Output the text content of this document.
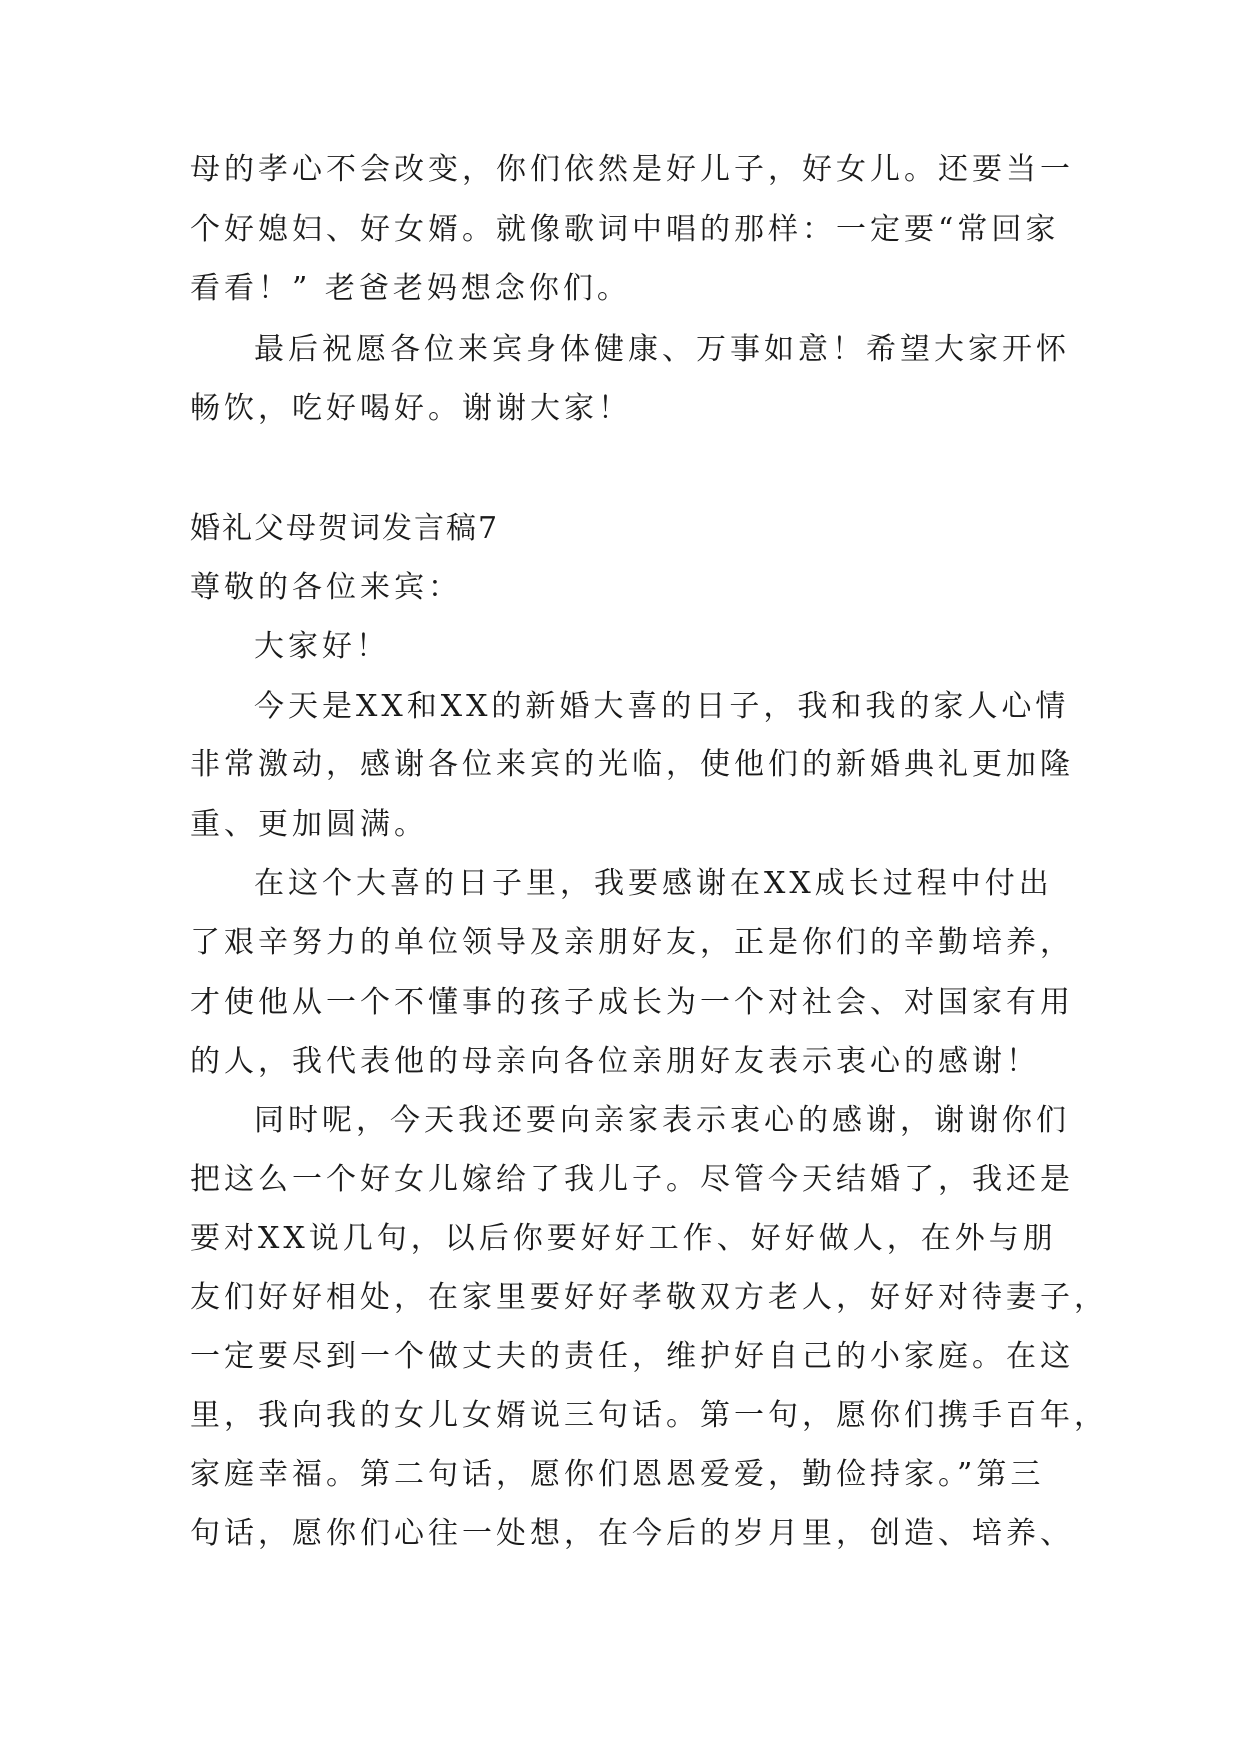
母的孝心不会改变，你们依然是好儿子，好女儿。还要当一
个好媳妇、好女婿。就像歌词中唱的那样：一定要“常回家
看看！” 老爸老妈想念你们。
最后祝愿各位来宾身体健康、万事如意！希望大家开怀
畅饮，吃好喝好。谢谢大家！
婚礼父母贺词发言稿7
尊敬的各位来宾：
大家好！
今天是XX和XX的新婚大喜的日子，我和我的家人心情
非常激动，感谢各位来宾的光临，使他们的新婚典礼更加隆
重、更加圆满。
在这个大喜的日子里，我要感谢在XX成长过程中付出
了艰辛努力的单位领导及亲朋好友，正是你们的辛勤培养，
才使他从一个不懂事的孩子成长为一个对社会、对国家有用
的人，我代表他的母亲向各位亲朋好友表示衷心的感谢！
同时呢，今天我还要向亲家表示衷心的感谢，谢谢你们
把这么一个好女儿嫁给了我儿子。尽管今天结婚了，我还是
要对XX说几句，以后你要好好工作、好好做人，在外与朋
友们好好相处，在家里要好好孝敬双方老人，好好对待妻子，
一定要尽到一个做丈夫的责任，维护好自己的小家庭。在这
里，我向我的女儿女婿说三句话。第一句，愿你们携手百年，
家庭幸福。第二句话，愿你们恩恩爱爱，勤俭持家。”第三
句话，愿你们心往一处想，在今后的岁月里，创造、培养、
